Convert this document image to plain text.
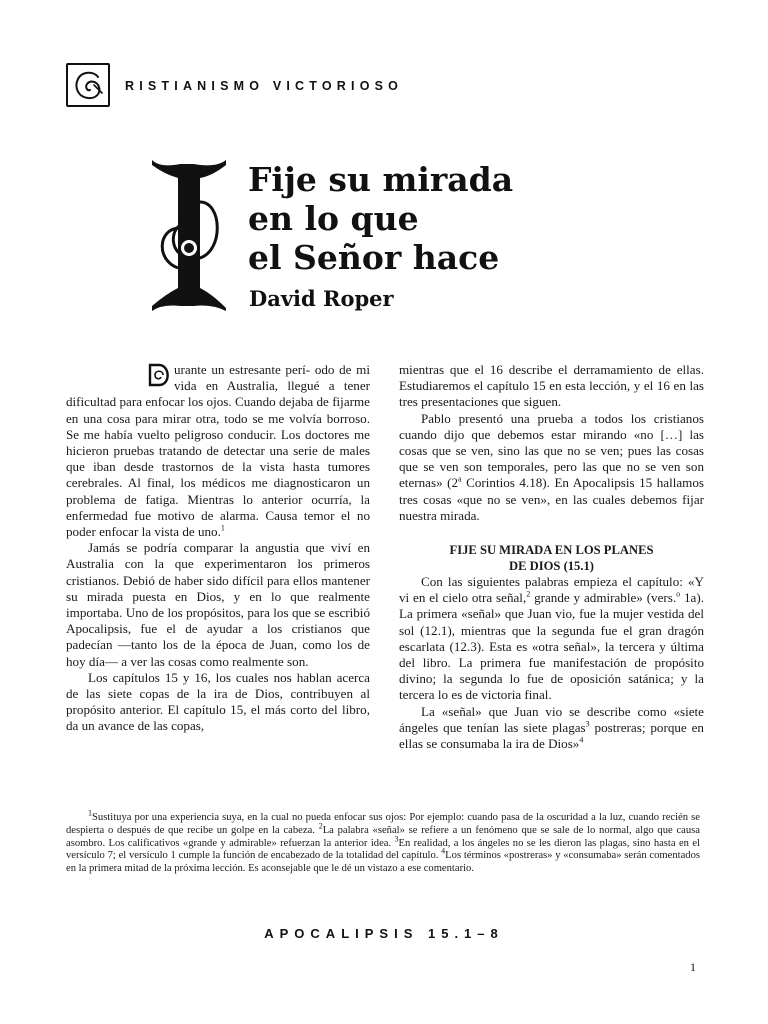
RISTIANISMO VICTORIOSO
Fije su mirada
en lo que
el Señor hace
David Roper

urante un estresante perí- odo de mi vida en Australia, llegué a tener dificultad para enfocar los ojos. Cuando dejaba de fijarme en una cosa para mirar otra, todo se me volvía borroso. Se me había vuelto peligroso conducir. Los doctores me hicieron pruebas tratando de detectar una serie de males que iban desde trastornos de la vista hasta tumores cerebrales. Al final, los médicos me diagnosticaron un problema de fatiga. Mientras lo anterior ocurría, la enfermedad fue motivo de alarma. Causa temor el no poder enfocar la vista de uno.$^1$

Jamás se podría comparar la angustia que viví en Australia con la que experimentaron los primeros cristianos. Debió de haber sido difícil para ellos mantener su mirada puesta en Dios, y en lo que realmente importaba. Uno de los propósitos, para los que se escribió Apocalipsis, fue el de ayudar a los cristianos que padecían —tanto los de la época de Juan, como los de hoy día— a ver las cosas como realmente son.

Los capítulos 15 y 16, los cuales nos hablan acerca de las siete copas de la ira de Dios, contribuyen al propósito anterior. El capítulo 15, el más corto del libro, da un avance de las copas,

mientras que el 16 describe el derramamiento de ellas. Estudiaremos el capítulo 15 en esta lección, y el 16 en las tres presentaciones que siguen.

Pablo presentó una prueba a todos los cristianos cuando dijo que debemos estar mirando «no […] las cosas que se ven, sino las que no se ven; pues las cosas que se ven son temporales, pero las que no se ven son eternas» (2$^a$ Corintios 4.18). En Apocalipsis 15 hallamos tres cosas «que no se ven», en las cuales debemos fijar nuestra mirada.

FIJE SU MIRADA EN LOS PLANES
DE DIOS (15.1)

Con las siguientes palabras empieza el capítulo: «Y vi en el cielo otra señal,$^2$ grande y admirable» (vers.$^o$ 1a). La primera «señal» que Juan vio, fue la mujer vestida del sol (12.1), mientras que la segunda fue el gran dragón escarlata (12.3). Esta es «otra señal», la tercera y última del libro. La primera fue manifestación de propósito divino; la segunda lo fue de oposición satánica; y la tercera lo es de victoria final.

La «señal» que Juan vio se describe como «siete ángeles que tenían las siete plagas$^3$ postreras; porque en ellas se consumaba la ira de Dios»$^4$

$^1$Sustituya por una experiencia suya, en la cual no pueda enfocar sus ojos: Por ejemplo: cuando pasa de la oscuridad a la luz, cuando recién se despierta o después de que recibe un golpe en la cabeza. $^2$La palabra «señal» se refiere a un fenómeno que se sale de lo normal, algo que causa asombro. Los calificativos «grande y admirable» refuerzan la anterior idea. $^3$En realidad, a los ángeles no se les dieron las plagas, sino hasta en el versículo 7; el versículo 1 cumple la función de encabezado de la totalidad del capítulo. $^4$Los términos «postreras» y «consumaba» serán comentados en la primera mitad de la próxima lección. Es aconsejable que le dé un vistazo a ese comentario.

APOCALIPSIS 15.1–8
1
